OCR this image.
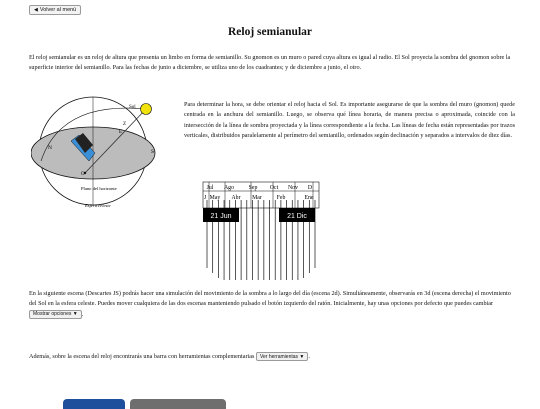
◀ Volver al menú
Reloj semianular

El reloj semianular es un reloj de altura que presenta un limbo en forma de semianillo. Su gnomon es un muro o pared cuya altura es igual al radio. El Sol proyecta la sombra del gnomon sobre la superficie interior del semianillo. Para las fechas de junio a diciembre, se utiliza uno de los cuadrantes; y de diciembre a junio, el otro.

Sol
N
S
E
Z
O
Plano del horizonte
Esfera celeste

Para determinar la hora, se debe orientar el reloj hacia el Sol. Es importante asegurarse de que la sombra del muro (gnomon) quede centrada en la anchura del semianillo. Luego, se observa qué línea horaria, de manera precisa o aproximada, coincide con la intersección de la línea de sombra proyectada y la línea correspondiente a la fecha. Las líneas de fecha están representadas por trazos verticales, distribuidos paralelamente al perímetro del semianillo, ordenados según declinación y separados a intervalos de diez días.

Jul Ago	Sep Oct Nov D
J May Abr Mar	Feb	Ene
21 Jun	21 Dic

En la siguiente escena (Descartes JS) podrás hacer una simulación del movimiento de la sombra a lo largo del día (escena 2d). Simultáneamente, observarás en 3d (escena derecha) el movimiento del Sol en la esfera celeste. Puedes mover cualquiera de las dos escenas manteniendo pulsado el botón izquierdo del ratón. Inicialmente, hay unas opciones por defecto que puedes cambiar Mostrar opciones ▼ .

Además, sobre la escena del reloj encontrarás una barra con herramientas complementarias Ver herramientas ▼ .
